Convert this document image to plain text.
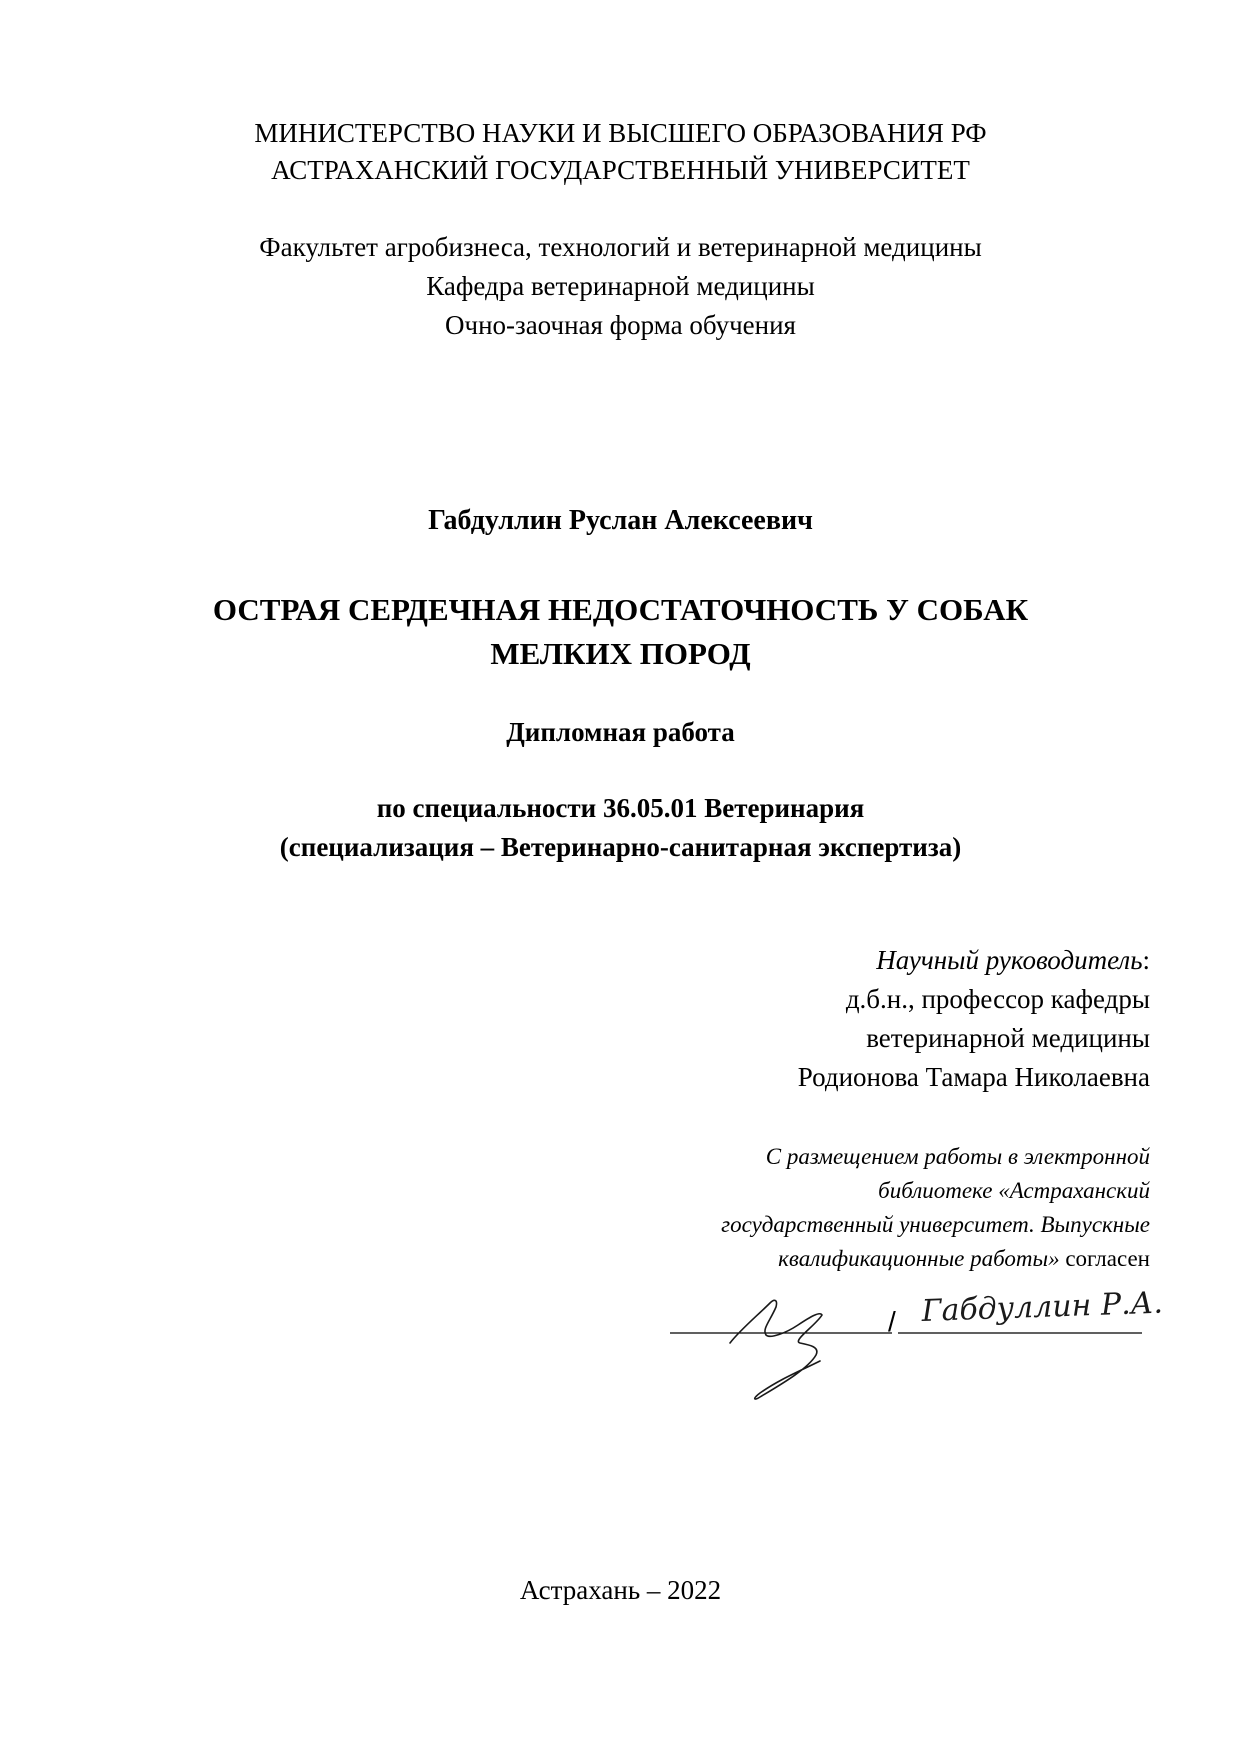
МИНИСТЕРСТВО НАУКИ И ВЫСШЕГО ОБРАЗОВАНИЯ РФ
АСТРАХАНСКИЙ ГОСУДАРСТВЕННЫЙ УНИВЕРСИТЕТ
Факультет агробизнеса, технологий и ветеринарной медицины
Кафедра ветеринарной медицины
Очно-заочная форма обучения
Габдуллин Руслан Алексеевич
ОСТРАЯ СЕРДЕЧНАЯ НЕДОСТАТОЧНОСТЬ У СОБАК
МЕЛКИХ ПОРОД
Дипломная работа
по специальности 36.05.01 Ветеринария
(специализация – Ветеринарно-санитарная экспертиза)
Научный руководитель:
д.б.н., профессор кафедры
ветеринарной медицины
Родионова Тамара Николаевна
С размещением работы в электронной
библиотеке «Астраханский
государственный университет. Выпускные
квалификационные работы» согласен
/ Габдуллин Р.А.
Астрахань – 2022
